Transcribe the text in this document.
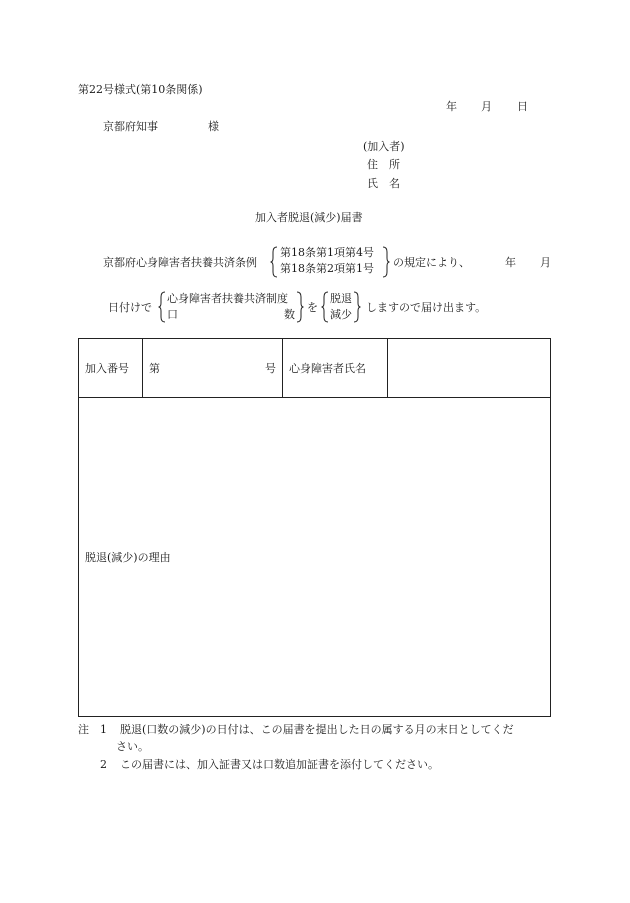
第22号様式(第10条関係)
年 月 日
京都府知事	様
(加入者)
住　所
氏　名
加入者脱退(減少)届書
京都府心身障害者扶養共済条例
第18条第1項第4号
第18条第2項第1号 の規定により、	年 月
日付けで
心身障害者扶養共済制度
口	数
を
脱退
減少
しますので届け出ます。
加入番号	第	号	心身障害者氏名	
脱退(減少)の理由
注 1 脱退(口数の減少)の日付は、この届書を提出した日の属する月の末日としてくだ
さい。
2 この届書には、加入証書又は口数追加証書を添付してください。
